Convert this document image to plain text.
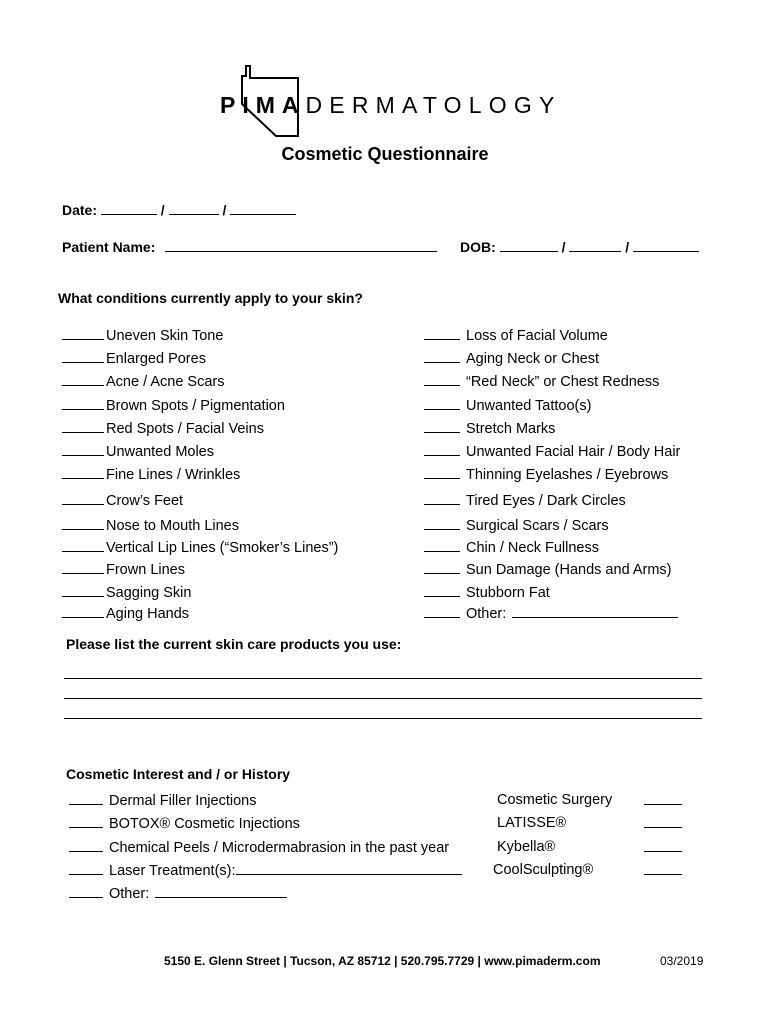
PIMADERMATOLOGY
Cosmetic Questionnaire
Date:	/	/
Patient Name:	DOB:	/	/
What conditions currently apply to your skin?
Uneven Skin Tone
Enlarged Pores
Acne / Acne Scars
Brown Spots / Pigmentation
Red Spots / Facial Veins
Unwanted Moles
Fine Lines / Wrinkles
Crow’s Feet
Nose to Mouth Lines
Vertical Lip Lines (“Smoker’s Lines”)
Frown Lines
Sagging Skin
Aging Hands
Loss of Facial Volume
Aging Neck or Chest
“Red Neck” or Chest Redness
Unwanted Tattoo(s)
Stretch Marks
Unwanted Facial Hair / Body Hair
Thinning Eyelashes / Eyebrows
Tired Eyes / Dark Circles
Surgical Scars / Scars
Chin / Neck Fullness
Sun Damage (Hands and Arms)
Stubborn Fat
Other:
Please list the current skin care products you use:
Cosmetic Interest and / or History
Dermal Filler Injections
BOTOX® Cosmetic Injections
Chemical Peels / Microdermabrasion in the past year
Laser Treatment(s):
Other:
Cosmetic Surgery
LATISSE®
Kybella®
CoolSculpting®
5150 E. Glenn Street | Tucson, AZ 85712 | 520.795.7729 | www.pimaderm.com	03/2019
